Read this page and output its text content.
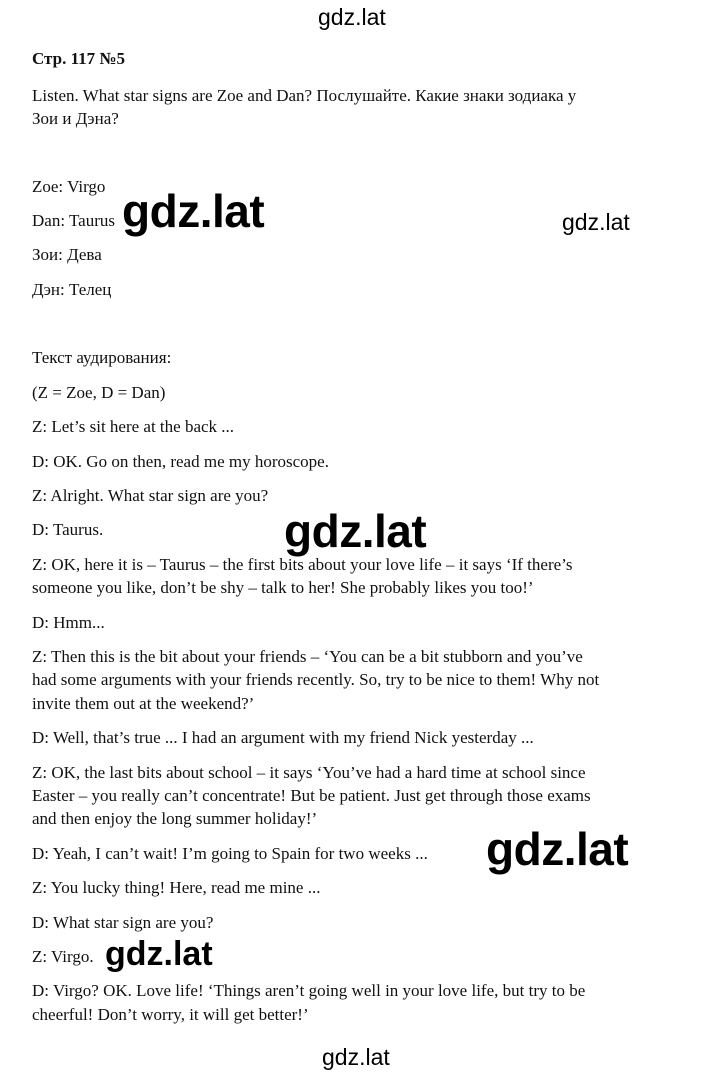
gdz.lat
Стр. 117 №5
Listen. What star signs are Zoe and Dan? Послушайте. Какие знаки зодиака у
Зои и Дэна?
Zoe: Virgo
Dan: Taurus
Зои: Дева
Дэн: Телец
Текст аудирования:
(Z = Zoe, D = Dan)
Z: Let’s sit here at the back ...
D: OK. Go on then, read me my horoscope.
Z: Alright. What star sign are you?
D: Taurus.
Z: OK, here it is – Taurus – the first bits about your love life – it says ‘If there’s
someone you like, don’t be shy – talk to her! She probably likes you too!’
D: Hmm...
Z: Then this is the bit about your friends – ‘You can be a bit stubborn and you’ve
had some arguments with your friends recently. So, try to be nice to them! Why not
invite them out at the weekend?’
D: Well, that’s true ... I had an argument with my friend Nick yesterday ...
Z: OK, the last bits about school – it says ‘You’ve had a hard time at school since
Easter – you really can’t concentrate! But be patient. Just get through those exams
and then enjoy the long summer holiday!’
D: Yeah, I can’t wait! I’m going to Spain for two weeks ...
Z: You lucky thing! Here, read me mine ...
D: What star sign are you?
Z: Virgo.
D: Virgo? OK. Love life! ‘Things aren’t going well in your love life, but try to be
cheerful! Don’t worry, it will get better!’
gdz.lat	gdz.lat
gdz.lat
gdz.lat
gdz.lat
gdz.lat
